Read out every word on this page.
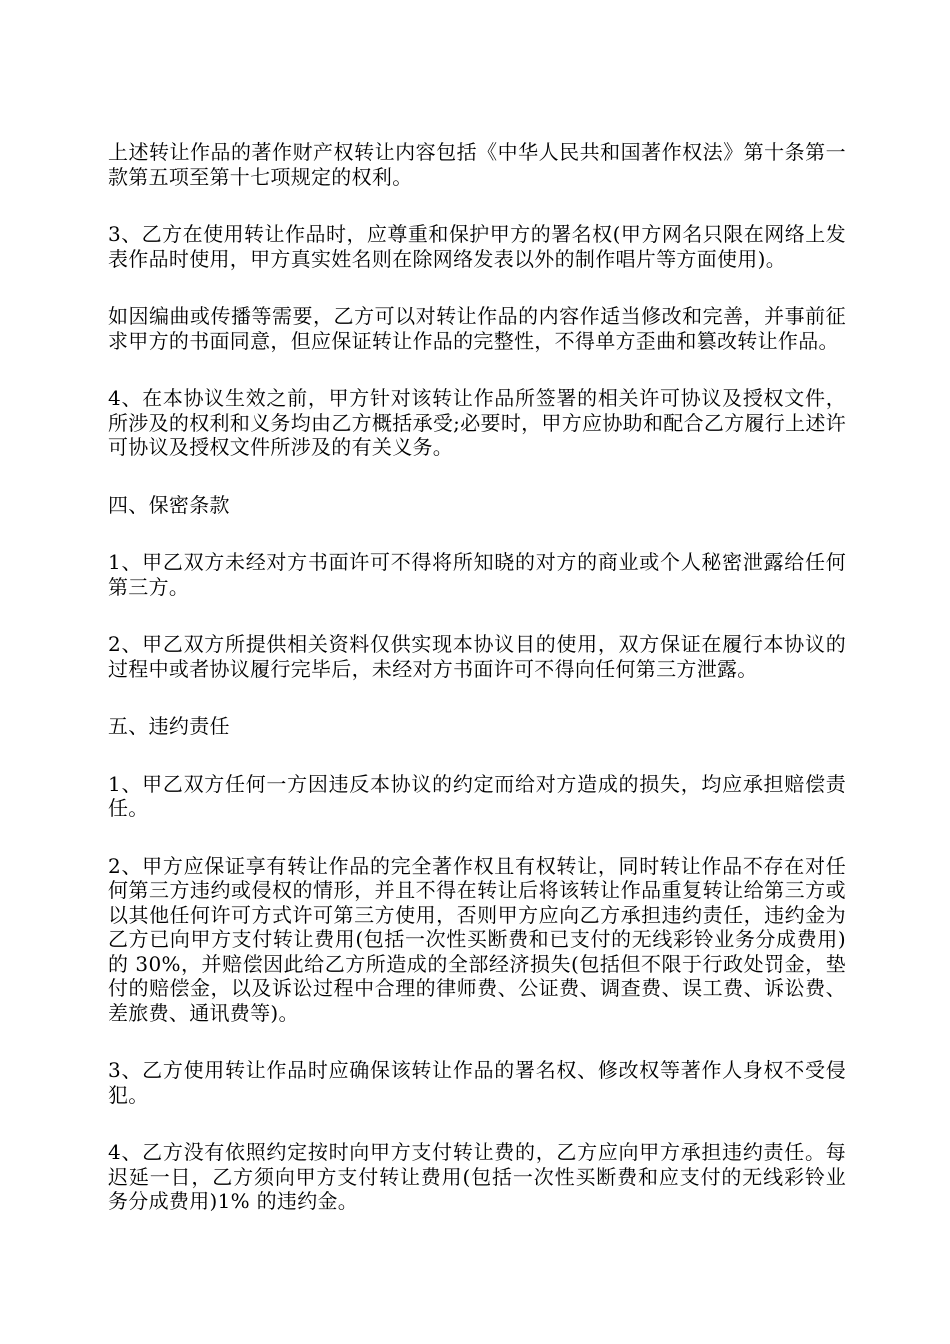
上述转让作品的著作财产权转让内容包括《中华人民共和国著作权法》第十条第一款第五项至第十七项规定的权利。

3、乙方在使用转让作品时，应尊重和保护甲方的署名权(甲方网名只限在网络上发表作品时使用，甲方真实姓名则在除网络发表以外的制作唱片等方面使用)。

如因编曲或传播等需要，乙方可以对转让作品的内容作适当修改和完善，并事前征求甲方的书面同意，但应保证转让作品的完整性，不得单方歪曲和篡改转让作品。

4、在本协议生效之前，甲方针对该转让作品所签署的相关许可协议及授权文件，所涉及的权利和义务均由乙方概括承受;必要时，甲方应协助和配合乙方履行上述许可协议及授权文件所涉及的有关义务。

四、保密条款

1、甲乙双方未经对方书面许可不得将所知晓的对方的商业或个人秘密泄露给任何第三方。

2、甲乙双方所提供相关资料仅供实现本协议目的使用，双方保证在履行本协议的过程中或者协议履行完毕后，未经对方书面许可不得向任何第三方泄露。

五、违约责任

1、甲乙双方任何一方因违反本协议的约定而给对方造成的损失，均应承担赔偿责任。

2、甲方应保证享有转让作品的完全著作权且有权转让，同时转让作品不存在对任何第三方违约或侵权的情形，并且不得在转让后将该转让作品重复转让给第三方或以其他任何许可方式许可第三方使用，否则甲方应向乙方承担违约责任，违约金为乙方已向甲方支付转让费用(包括一次性买断费和已支付的无线彩铃业务分成费用)的 30%，并赔偿因此给乙方所造成的全部经济损失(包括但不限于行政处罚金，垫付的赔偿金，以及诉讼过程中合理的律师费、公证费、调查费、误工费、诉讼费、差旅费、通讯费等)。

3、乙方使用转让作品时应确保该转让作品的署名权、修改权等著作人身权不受侵犯。

4、乙方没有依照约定按时向甲方支付转让费的，乙方应向甲方承担违约责任。每迟延一日，乙方须向甲方支付转让费用(包括一次性买断费和应支付的无线彩铃业务分成费用)1% 的违约金。
